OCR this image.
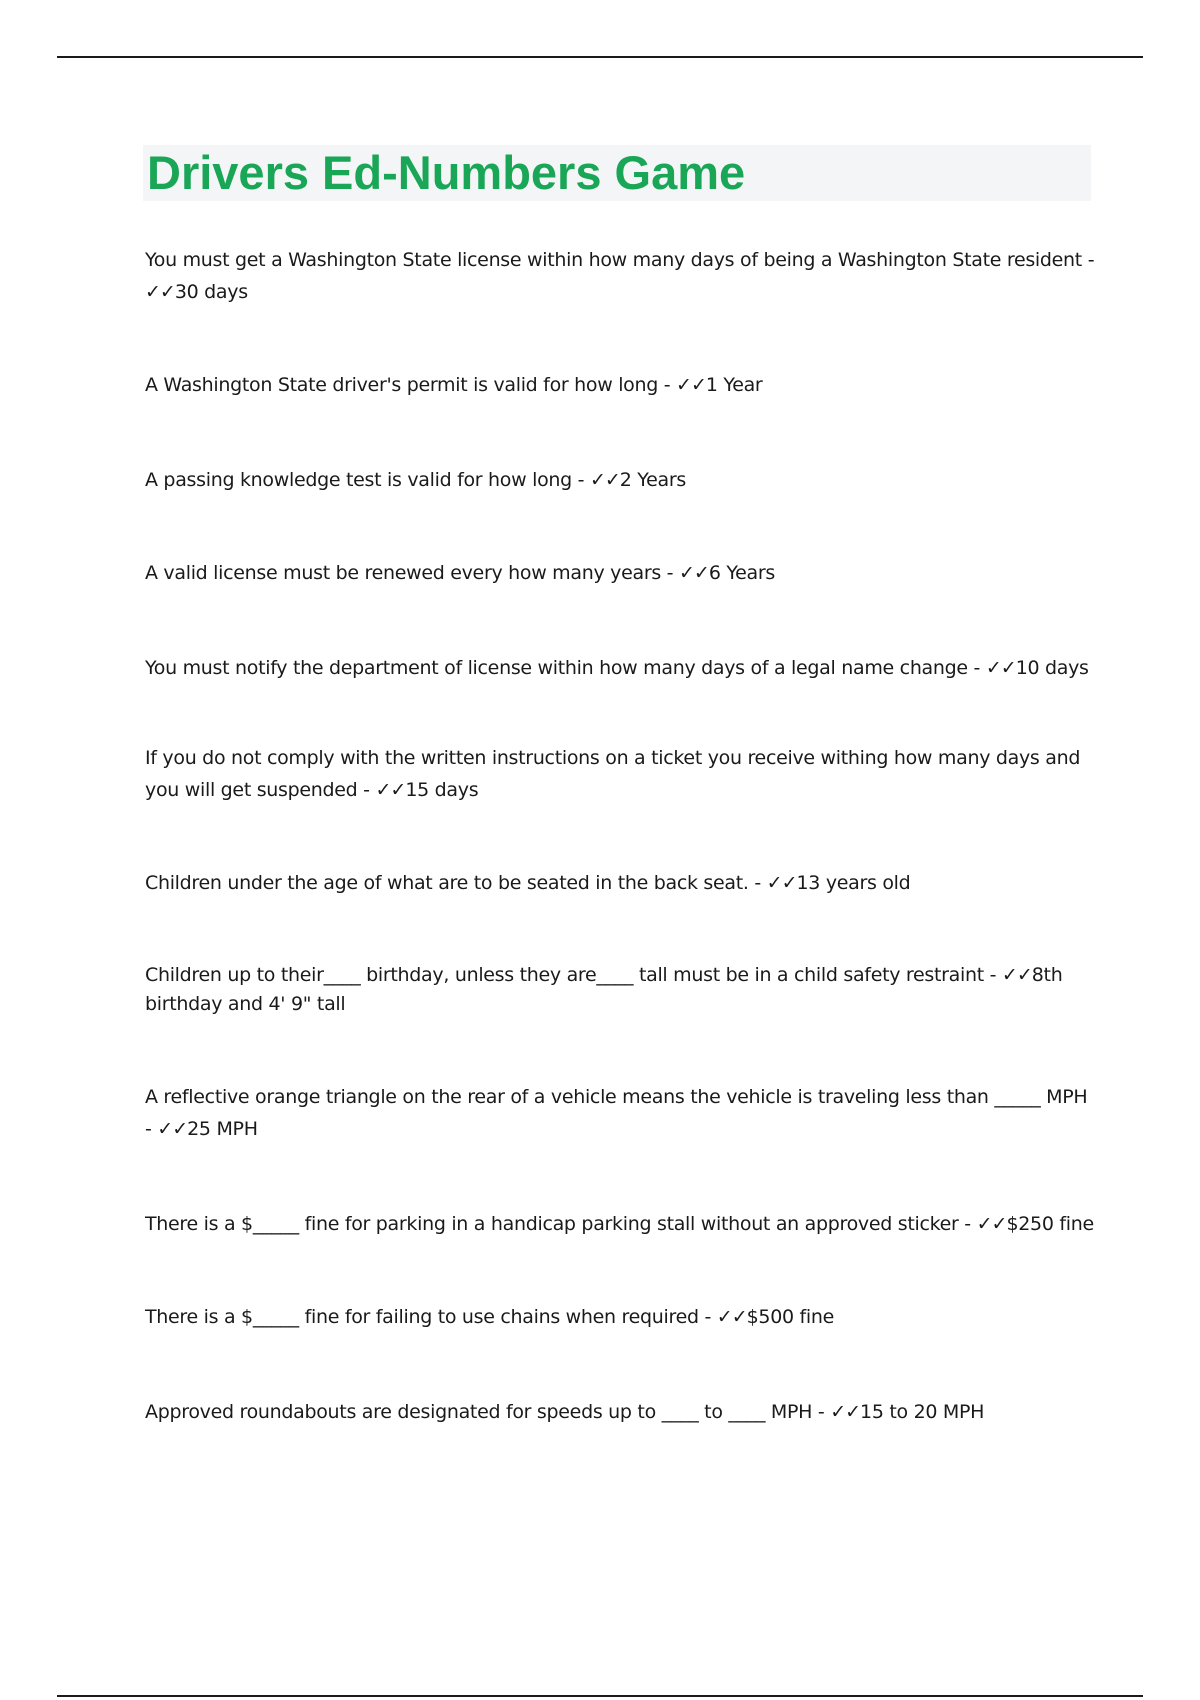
Drivers Ed-Numbers Game
You must get a Washington State license within how many days of being a Washington State resident - ✓✓30 days
A Washington State driver's permit is valid for how long - ✓✓1 Year
A passing knowledge test is valid for how long - ✓✓2 Years
A valid license must be renewed every how many years - ✓✓6 Years
You must notify the department of license within how many days of a legal name change - ✓✓10 days
If you do not comply with the written instructions on a ticket you receive withing how many days and you will get suspended - ✓✓15 days
Children under the age of what are to be seated in the back seat. - ✓✓13 years old
Children up to their____ birthday, unless they are____ tall must be in a child safety restraint - ✓✓8th birthday and 4' 9" tall
A reflective orange triangle on the rear of a vehicle means the vehicle is traveling less than _____ MPH - ✓✓25 MPH
There is a $_____ fine for parking in a handicap parking stall without an approved sticker - ✓✓$250 fine
There is a $_____ fine for failing to use chains when required - ✓✓$500 fine
Approved roundabouts are designated for speeds up to ____ to ____ MPH - ✓✓15 to 20 MPH
